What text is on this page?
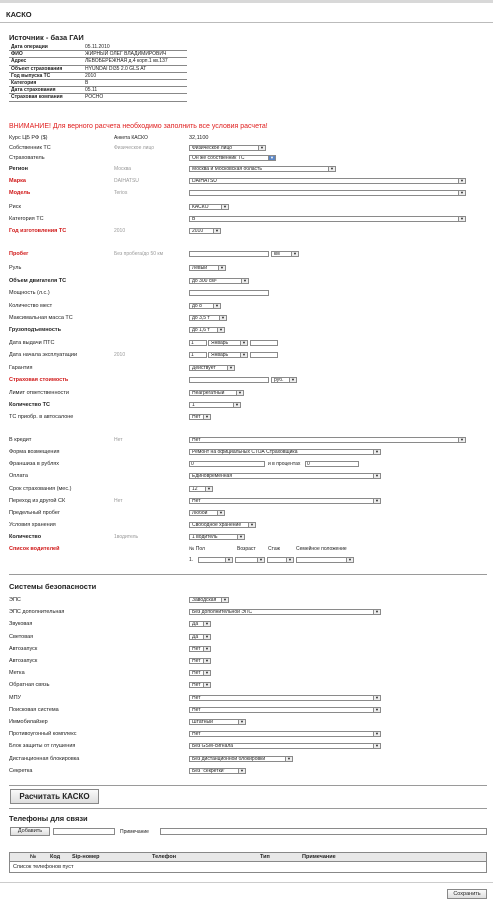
КАСКО
Источник - база ГАИ
Дата операции	05.11.2010
ФИО	ЖИРНЫЙ ОЛЕГ ВЛАДИМИРОВИЧ
Адрес	ЛЕВОБЕРЕЖНАЯ д.4 корп.1 кв.137
Объект страхования	HYUNDAI DI35 2.0 GLS AT
Год выпуска ТС	2010
Категория	В
Дата страхования	05.11
Страховая компания	РОСНО
ВНИМАНИЕ! Для верного расчета необходимо заполнить все условия расчета!
Курс ЦБ РФ ($)	Анкета КАСКО	32,1100
Собственник ТС	Физическое лицо	Физическое лицо	▼
Страхователь	Он же собственник ТС	▼
Регион	Москва	Москва и Московская область	▼
Марка	DAIHATSU	DAIHATSU	▼
Модель	Terios	▼
Риск	КАСКО	▼
Категория ТС	В	▼
Год изготовления ТС	2010	2010	▼
Пробег	Без пробега/до 50 км	км	▼
Руль	Левый	▼
Объем двигателя ТС	до 300 см³	▼
Мощность (л.с.)
Количество мест	до 8	▼
Максимальная масса ТС	до 3,5 т	▼
Грузоподъемность	до 1,6 т	▼
Дата выдачи ПТС	1	Январь	▼
Дата начала эксплуатации	2010	1	Январь	▼
Гарантия	Действует	▼
Страховая стоимость	руб.	▼
Лимит ответственности	Неагрегатный	▼
Количество ТС	1	▼
ТС приобр. в автосалоне	Нет	▼
В кредит	Нет	Нет	▼
Форма возмещения	Ремонт на официальных СТОА Страховщика	▼
Франшиза в рублях	0	и в процентах	0
Оплата	Единовременная	▼
Срок страхования (мес.)	12	▼
Переход из другой СК	Нет	Нет	▼
Предельный пробег	Любой	▼
Условия хранения	Свободное хранение	▼
Количество	1водитель	1 водитель	▼
Список водителей	№ Пол	Возраст Стаж	Семейное положение
1.	▼	▼	▼	▼
Системы безопасности
ЭПС	Заводская	▼
ЭПС дополнительная	Без дополнительной ЭПС	▼
Звуковая	Да	▼
Световая	Да	▼
Автозапуск	Нет	▼
Автозапуск	Нет	▼
Метка	Нет	▼
Обратная связь	Нет	▼
МПУ	Нет	▼
Поисковая система	Нет	▼
Иммобилайзер	Штатный	▼
Противоугонный комплекс	Нет	▼
Блок защиты от глушения	Без GSM-сигнала	▼
Дистанционная блокировка	Без дистанционной блокировки	▼
Секретка	Без "секретки"	▼
Расчитать КАСКО
Телефоны для связи
Добавить	Примечание
№	Код Sip-номер	Телефон	Тип	Примечание
Список телефонов пуст
Сохранить
